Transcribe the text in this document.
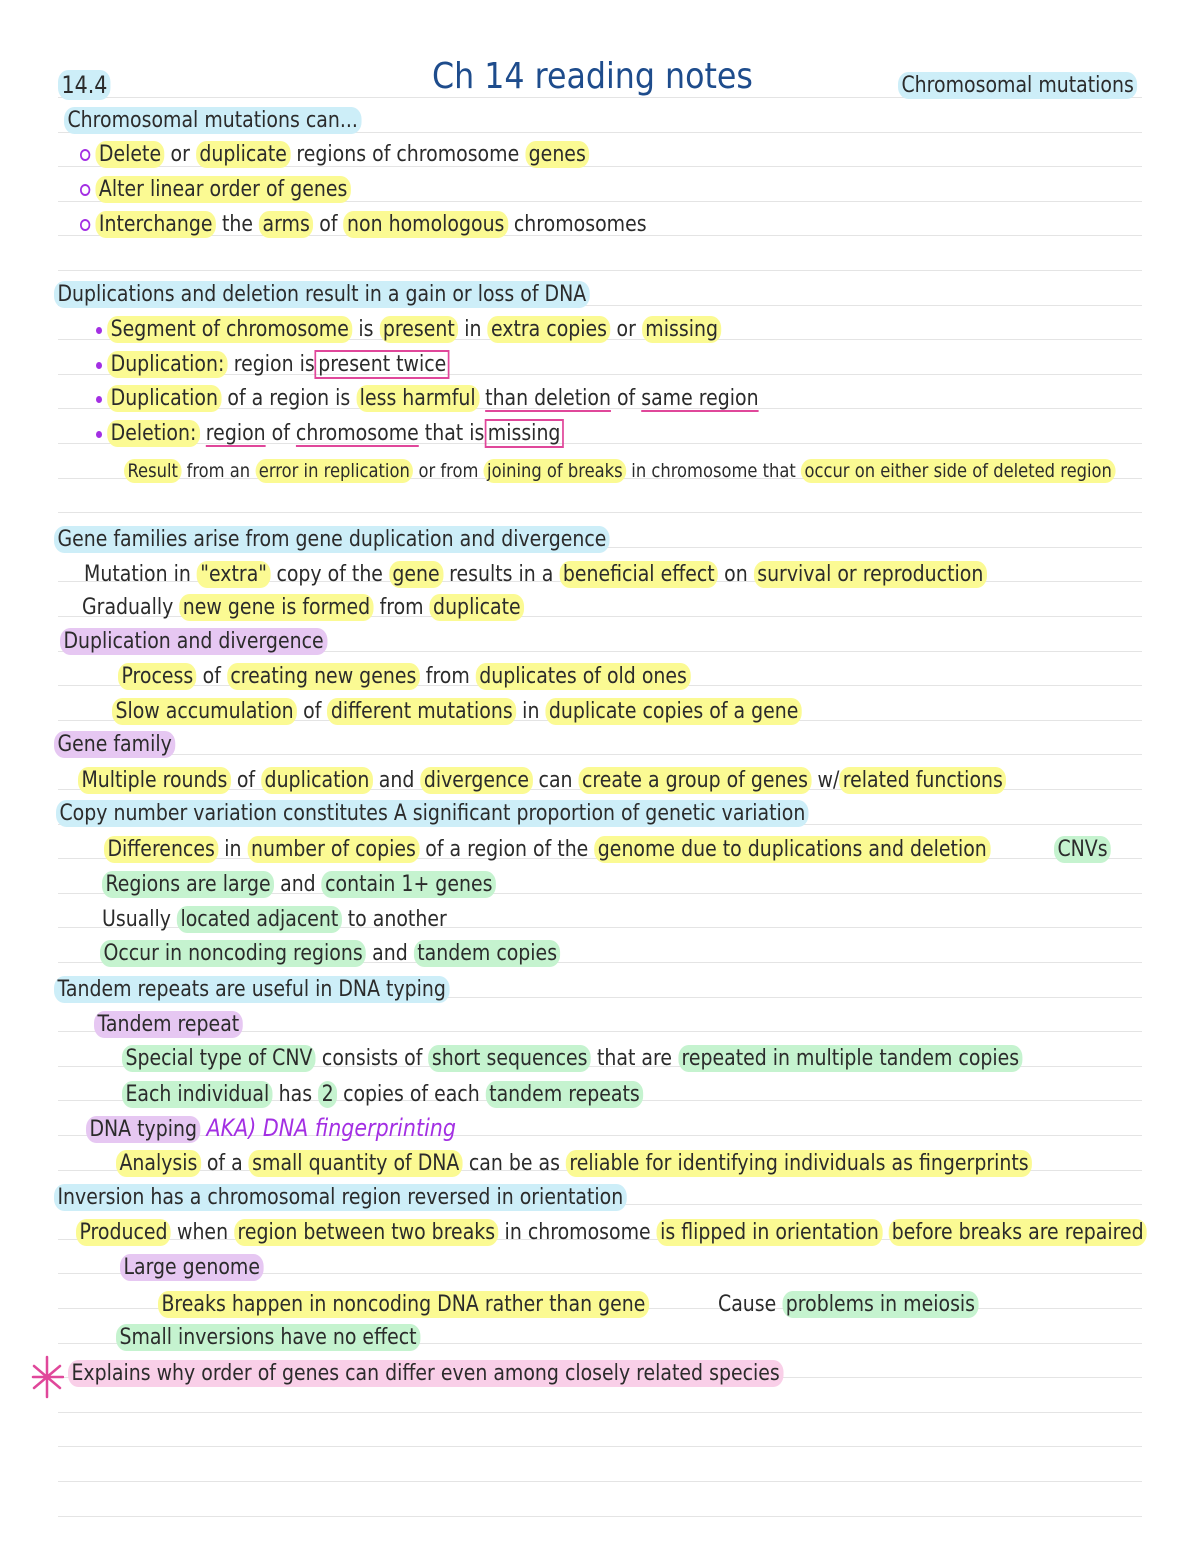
14.4	Ch 14 reading notes	Chromosomal mutations
Chromosomal mutations can...
Delete or duplicate regions of chromosome genes
Alter linear order of genes
Interchange the arms of non homologous chromosomes
Duplications and deletion result in a gain or loss of DNA
Segment of chromosome is present in extra copies or missing
Duplication: region is present twice
Duplication of a region is less harmful than deletion of same region
Deletion: region of chromosome that is missing
Result from an error in replication or from joining of breaks in chromosome that occur on either side of deleted region
Gene families arise from gene duplication and divergence
Mutation in "extra" copy of the gene results in a beneficial effect on survival or reproduction
Gradually new gene is formed from duplicate
Duplication and divergence
Process of creating new genes from duplicates of old ones
Slow accumulation of different mutations in duplicate copies of a gene
Gene family
Multiple rounds of duplication and divergence can create a group of genes w/ related functions
Copy number variation constitutes A significant proportion of genetic variation
Differences in number of copies of a region of the genome due to duplications and deletion	CNVs
Regions are large and contain 1+ genes
Usually located adjacent to another
Occur in noncoding regions and tandem copies
Tandem repeats are useful in DNA typing
Tandem repeat
Special type of CNV consists of short sequences that are repeated in multiple tandem copies
Each individual has 2 copies of each tandem repeats
DNA typing AKA) DNA fingerprinting
Analysis of a small quantity of DNA can be as reliable for identifying individuals as fingerprints
Inversion has a chromosomal region reversed in orientation
Produced when region between two breaks in chromosome is flipped in orientation before breaks are repaired
Large genome
Breaks happen in noncoding DNA rather than gene	Cause problems in meiosis
Small inversions have no effect
Explains why order of genes can differ even among closely related species
